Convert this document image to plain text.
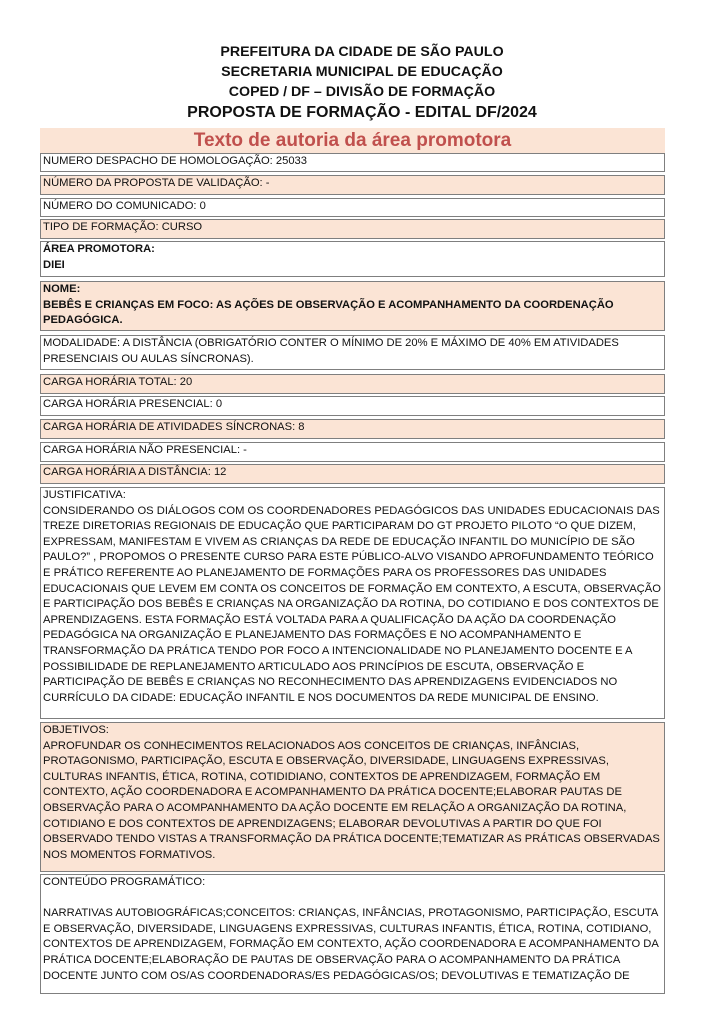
PREFEITURA DA CIDADE DE SÃO PAULO
SECRETARIA MUNICIPAL DE EDUCAÇÃO
COPED / DF – DIVISÃO DE FORMAÇÃO
PROPOSTA DE FORMAÇÃO - EDITAL DF/2024
Texto de autoria da área promotora
NUMERO DESPACHO DE HOMOLOGAÇÃO: 25033
NÚMERO DA PROPOSTA DE VALIDAÇÃO: -
NÚMERO DO COMUNICADO: 0
TIPO DE FORMAÇÃO: CURSO

ÁREA PROMOTORA:

DIEI

NOME:

BEBÊS E CRIANÇAS EM FOCO: AS AÇÕES DE OBSERVAÇÃO E ACOMPANHAMENTO DA COORDENAÇÃO PEDAGÓGICA.

MODALIDADE: A DISTÂNCIA (OBRIGATÓRIO CONTER O MÍNIMO DE 20% E MÁXIMO DE 40% EM ATIVIDADES PRESENCIAIS OU AULAS SÍNCRONAS).

CARGA HORÁRIA TOTAL: 20
CARGA HORÁRIA PRESENCIAL: 0
CARGA HORÁRIA DE ATIVIDADES SÍNCRONAS: 8
CARGA HORÁRIA NÃO PRESENCIAL: -
CARGA HORÁRIA A DISTÂNCIA: 12

JUSTIFICATIVA:

CONSIDERANDO OS DIÁLOGOS COM OS COORDENADORES PEDAGÓGICOS DAS UNIDADES EDUCACIONAIS DAS TREZE DIRETORIAS REGIONAIS DE EDUCAÇÃO QUE PARTICIPARAM DO GT PROJETO PILOTO “O QUE DIZEM, EXPRESSAM, MANIFESTAM E VIVEM AS CRIANÇAS DA REDE DE EDUCAÇÃO INFANTIL DO MUNICÍPIO DE SÃO PAULO?” , PROPOMOS O PRESENTE CURSO PARA ESTE PÚBLICO-ALVO VISANDO APROFUNDAMENTO TEÓRICO E PRÁTICO REFERENTE AO PLANEJAMENTO DE FORMAÇÕES PARA OS PROFESSORES DAS UNIDADES EDUCACIONAIS QUE LEVEM EM CONTA OS CONCEITOS DE FORMAÇÃO EM CONTEXTO, A ESCUTA, OBSERVAÇÃO E PARTICIPAÇÃO DOS BEBÊS E CRIANÇAS NA ORGANIZAÇÃO DA ROTINA, DO COTIDIANO E DOS CONTEXTOS DE APRENDIZAGENS. ESTA FORMAÇÃO ESTÁ VOLTADA PARA A QUALIFICAÇÃO DA AÇÃO DA COORDENAÇÃO PEDAGÓGICA NA ORGANIZAÇÃO E PLANEJAMENTO DAS FORMAÇÕES E NO ACOMPANHAMENTO E TRANSFORMAÇÃO DA PRÁTICA TENDO POR FOCO A INTENCIONALIDADE NO PLANEJAMENTO DOCENTE E A POSSIBILIDADE DE REPLANEJAMENTO ARTICULADO AOS PRINCÍPIOS DE ESCUTA, OBSERVAÇÃO E PARTICIPAÇÃO DE BEBÊS E CRIANÇAS NO RECONHECIMENTO DAS APRENDIZAGENS EVIDENCIADOS NO CURRÍCULO DA CIDADE: EDUCAÇÃO INFANTIL E NOS DOCUMENTOS DA REDE MUNICIPAL DE ENSINO.

OBJETIVOS:

APROFUNDAR OS CONHECIMENTOS RELACIONADOS AOS CONCEITOS DE CRIANÇAS, INFÂNCIAS, PROTAGONISMO, PARTICIPAÇÃO, ESCUTA E OBSERVAÇÃO, DIVERSIDADE, LINGUAGENS EXPRESSIVAS, CULTURAS INFANTIS, ÉTICA, ROTINA, COTIDIDIANO, CONTEXTOS DE APRENDIZAGEM, FORMAÇÃO EM CONTEXTO, AÇÃO COORDENADORA E ACOMPANHAMENTO DA PRÁTICA DOCENTE;ELABORAR PAUTAS DE OBSERVAÇÃO PARA O ACOMPANHAMENTO DA AÇÃO DOCENTE EM RELAÇÃO A ORGANIZAÇÃO DA ROTINA, COTIDIANO E DOS CONTEXTOS DE APRENDIZAGENS; ELABORAR DEVOLUTIVAS A PARTIR DO QUE FOI OBSERVADO TENDO VISTAS A TRANSFORMAÇÃO DA PRÁTICA DOCENTE;TEMATIZAR AS PRÁTICAS OBSERVADAS NOS MOMENTOS FORMATIVOS.

CONTEÚDO PROGRAMÁTICO:

NARRATIVAS AUTOBIOGRÁFICAS;CONCEITOS: CRIANÇAS, INFÂNCIAS, PROTAGONISMO, PARTICIPAÇÃO, ESCUTA E OBSERVAÇÃO, DIVERSIDADE, LINGUAGENS EXPRESSIVAS, CULTURAS INFANTIS, ÉTICA, ROTINA, COTIDIANO, CONTEXTOS DE APRENDIZAGEM, FORMAÇÃO EM CONTEXTO, AÇÃO COORDENADORA E ACOMPANHAMENTO DA PRÁTICA DOCENTE;ELABORAÇÃO DE PAUTAS DE OBSERVAÇÃO PARA O ACOMPANHAMENTO DA PRÁTICA DOCENTE JUNTO COM OS/AS COORDENADORAS/ES PEDAGÓGICAS/OS; DEVOLUTIVAS E TEMATIZAÇÃO DE
